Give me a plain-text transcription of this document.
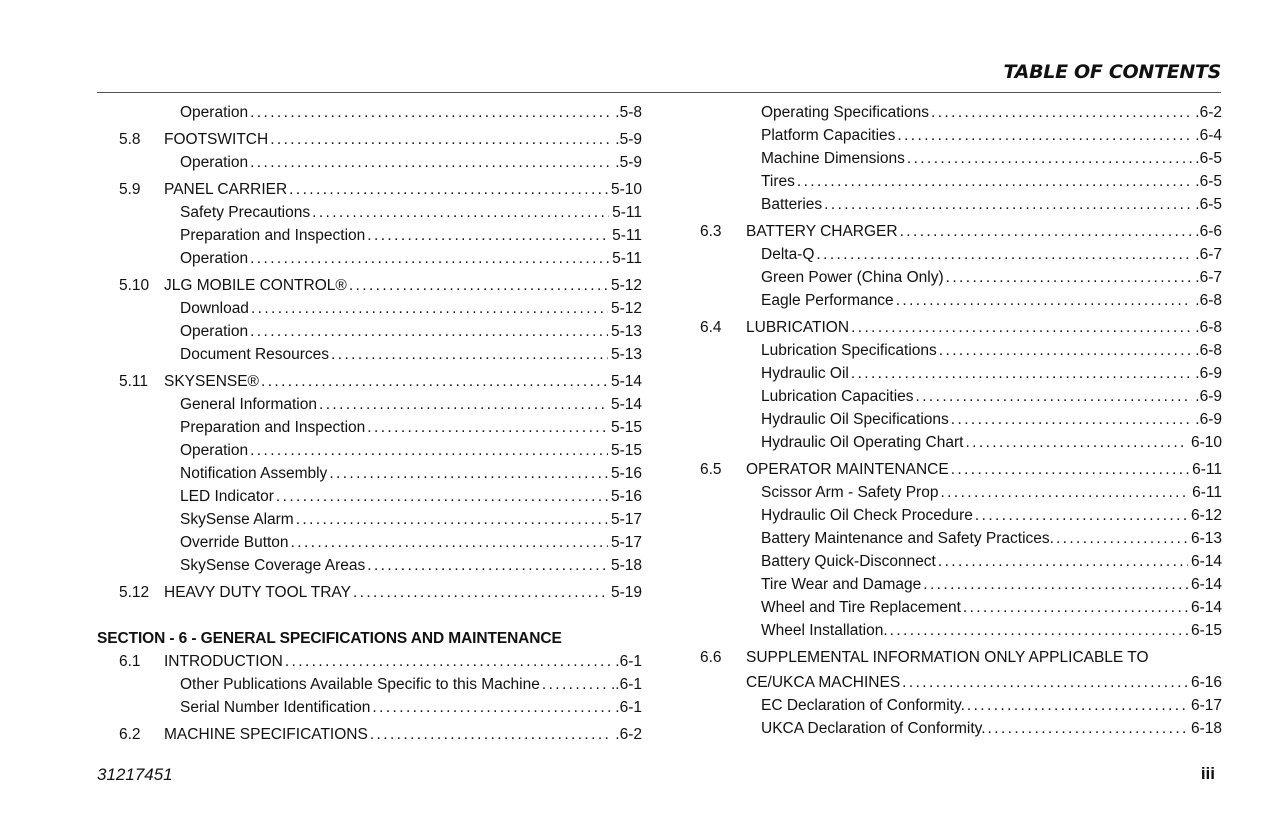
TABLE OF CONTENTS
Operation .....	.5-8
5.8 FOOTSWITCH .....	.5-9
Operation .....	.5-9
5.9 PANEL CARRIER .....	5-10
Safety Precautions .....	5-11
Preparation and Inspection .....	5-11
Operation .....	5-11
5.10 JLG MOBILE CONTROL® .....	5-12
Download .....	5-12
Operation .....	5-13
Document Resources .....	5-13
5.11 SKYSENSE® .....	5-14
General Information .....	5-14
Preparation and Inspection .....	5-15
Operation .....	5-15
Notification Assembly .....	5-16
LED Indicator .....	5-16
SkySense Alarm .....	5-17
Override Button .....	5-17
SkySense Coverage Areas .....	5-18
5.12 HEAVY DUTY TOOL TRAY .....	5-19
SECTION - 6 - GENERAL SPECIFICATIONS AND MAINTENANCE
6.1 INTRODUCTION .....	.6-1
Other Publications Available Specific to this Machine .....	..6-1
Serial Number Identification .....	.6-1
6.2 MACHINE SPECIFICATIONS .....	.6-2
Operating Specifications .....	.6-2
Platform Capacities .....	.6-4
Machine Dimensions .....	.6-5
Tires .....	.6-5
Batteries .....	.6-5
6.3 BATTERY CHARGER .....	.6-6
Delta-Q .....	.6-7
Green Power (China Only) .....	.6-7
Eagle Performance .....	.6-8
6.4 LUBRICATION .....	.6-8
Lubrication Specifications .....	.6-8
Hydraulic Oil .....	.6-9
Lubrication Capacities .....	.6-9
Hydraulic Oil Specifications .....	.6-9
Hydraulic Oil Operating Chart .....	6-10
6.5 OPERATOR MAINTENANCE .....	6-11
Scissor Arm - Safety Prop .....	6-11
Hydraulic Oil Check Procedure .....	6-12
Battery Maintenance and Safety Practices. .....	6-13
Battery Quick-Disconnect .....	6-14
Tire Wear and Damage .....	6-14
Wheel and Tire Replacement .....	6-14
Wheel Installation. .....	6-15
6.6 SUPPLEMENTAL INFORMATION ONLY APPLICABLE TO
CE/UKCA MACHINES .....	6-16
EC Declaration of Conformity. .....	6-17
UKCA Declaration of Conformity. .....	6-18
31217451	iii
